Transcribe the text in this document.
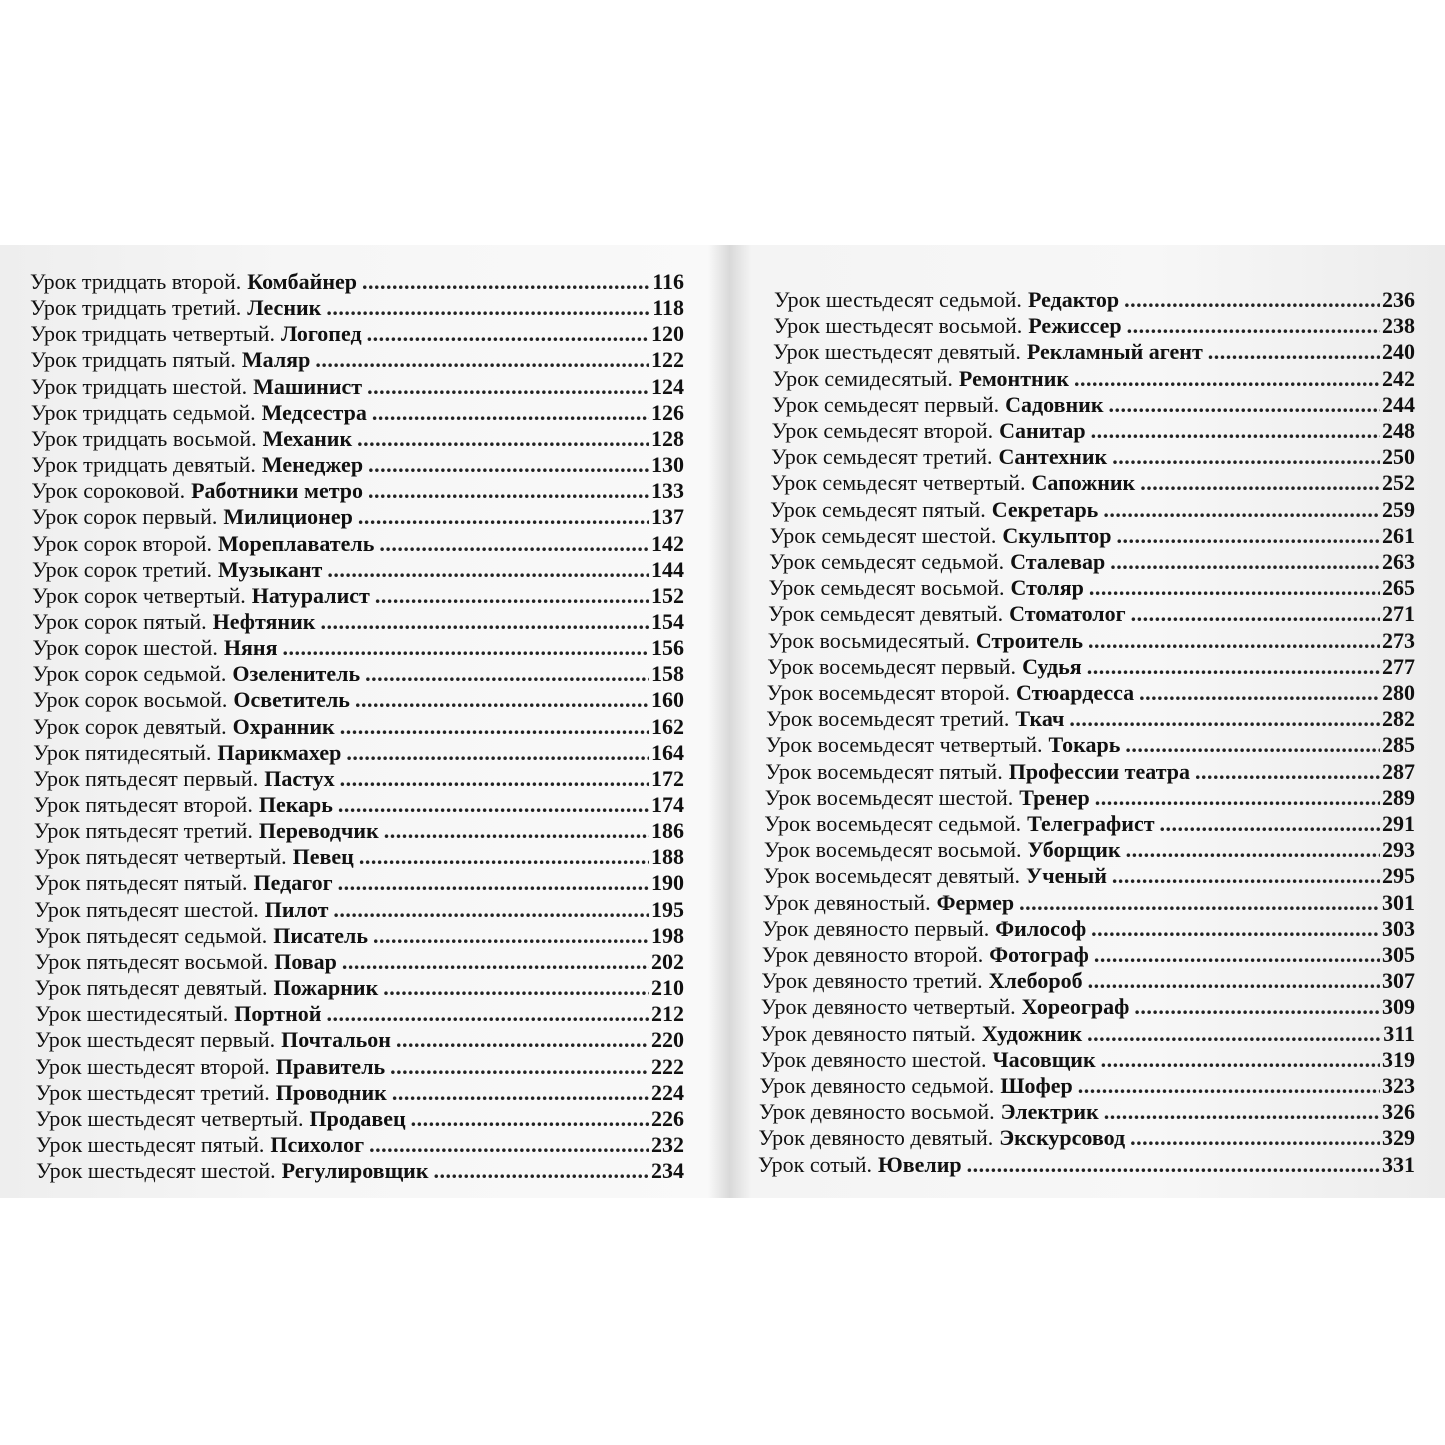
Урок тридцать второй. Комбайнер .....	116
Урок тридцать третий. Лесник .....	118
Урок тридцать четвертый. Логопед .....	120
Урок тридцать пятый. Маляр .....	122
Урок тридцать шестой. Машинист .....	124
Урок тридцать седьмой. Медсестра .....	126
Урок тридцать восьмой. Механик .....	128
Урок тридцать девятый. Менеджер .....	130
Урок сороковой. Работники метро .....	133
Урок сорок первый. Милиционер .....	137
Урок сорок второй. Мореплаватель .....	142
Урок сорок третий. Музыкант .....	144
Урок сорок четвертый. Натуралист .....	152
Урок сорок пятый. Нефтяник .....	154
Урок сорок шестой. Няня .....	156
Урок сорок седьмой. Озеленитель .....	158
Урок сорок восьмой. Осветитель .....	160
Урок сорок девятый. Охранник .....	162
Урок пятидесятый. Парикмахер .....	164
Урок пятьдесят первый. Пастух .....	172
Урок пятьдесят второй. Пекарь .....	174
Урок пятьдесят третий. Переводчик .....	186
Урок пятьдесят четвертый. Певец .....	188
Урок пятьдесят пятый. Педагог .....	190
Урок пятьдесят шестой. Пилот .....	195
Урок пятьдесят седьмой. Писатель .....	198
Урок пятьдесят восьмой. Повар .....	202
Урок пятьдесят девятый. Пожарник .....	210
Урок шестидесятый. Портной .....	212
Урок шестьдесят первый. Почтальон .....	220
Урок шестьдесят второй. Правитель .....	222
Урок шестьдесят третий. Проводник .....	224
Урок шестьдесят четвертый. Продавец .....	226
Урок шестьдесят пятый. Психолог .....	232
Урок шестьдесят шестой. Регулировщик .....	234
Урок шестьдесят седьмой. Редактор .....	236
Урок шестьдесят восьмой. Режиссер .....	238
Урок шестьдесят девятый. Рекламный агент .....	240
Урок семидесятый. Ремонтник .....	242
Урок семьдесят первый. Садовник .....	244
Урок семьдесят второй. Санитар .....	248
Урок семьдесят третий. Сантехник .....	250
Урок семьдесят четвертый. Сапожник .....	252
Урок семьдесят пятый. Секретарь .....	259
Урок семьдесят шестой. Скульптор .....	261
Урок семьдесят седьмой. Сталевар .....	263
Урок семьдесят восьмой. Столяр .....	265
Урок семьдесят девятый. Стоматолог .....	271
Урок восьмидесятый. Строитель .....	273
Урок восемьдесят первый. Судья .....	277
Урок восемьдесят второй. Стюардесса .....	280
Урок восемьдесят третий. Ткач .....	282
Урок восемьдесят четвертый. Токарь .....	285
Урок восемьдесят пятый. Профессии театра .....	287
Урок восемьдесят шестой. Тренер .....	289
Урок восемьдесят седьмой. Телеграфист .....	291
Урок восемьдесят восьмой. Уборщик .....	293
Урок восемьдесят девятый. Ученый .....	295
Урок девяностый. Фермер .....	301
Урок девяносто первый. Философ .....	303
Урок девяносто второй. Фотограф .....	305
Урок девяносто третий. Хлебороб .....	307
Урок девяносто четвертый. Хореограф .....	309
Урок девяносто пятый. Художник .....	311
Урок девяносто шестой. Часовщик .....	319
Урок девяносто седьмой. Шофер .....	323
Урок девяносто восьмой. Электрик .....	326
Урок девяносто девятый. Экскурсовод .....	329
Урок сотый. Ювелир .....	331
